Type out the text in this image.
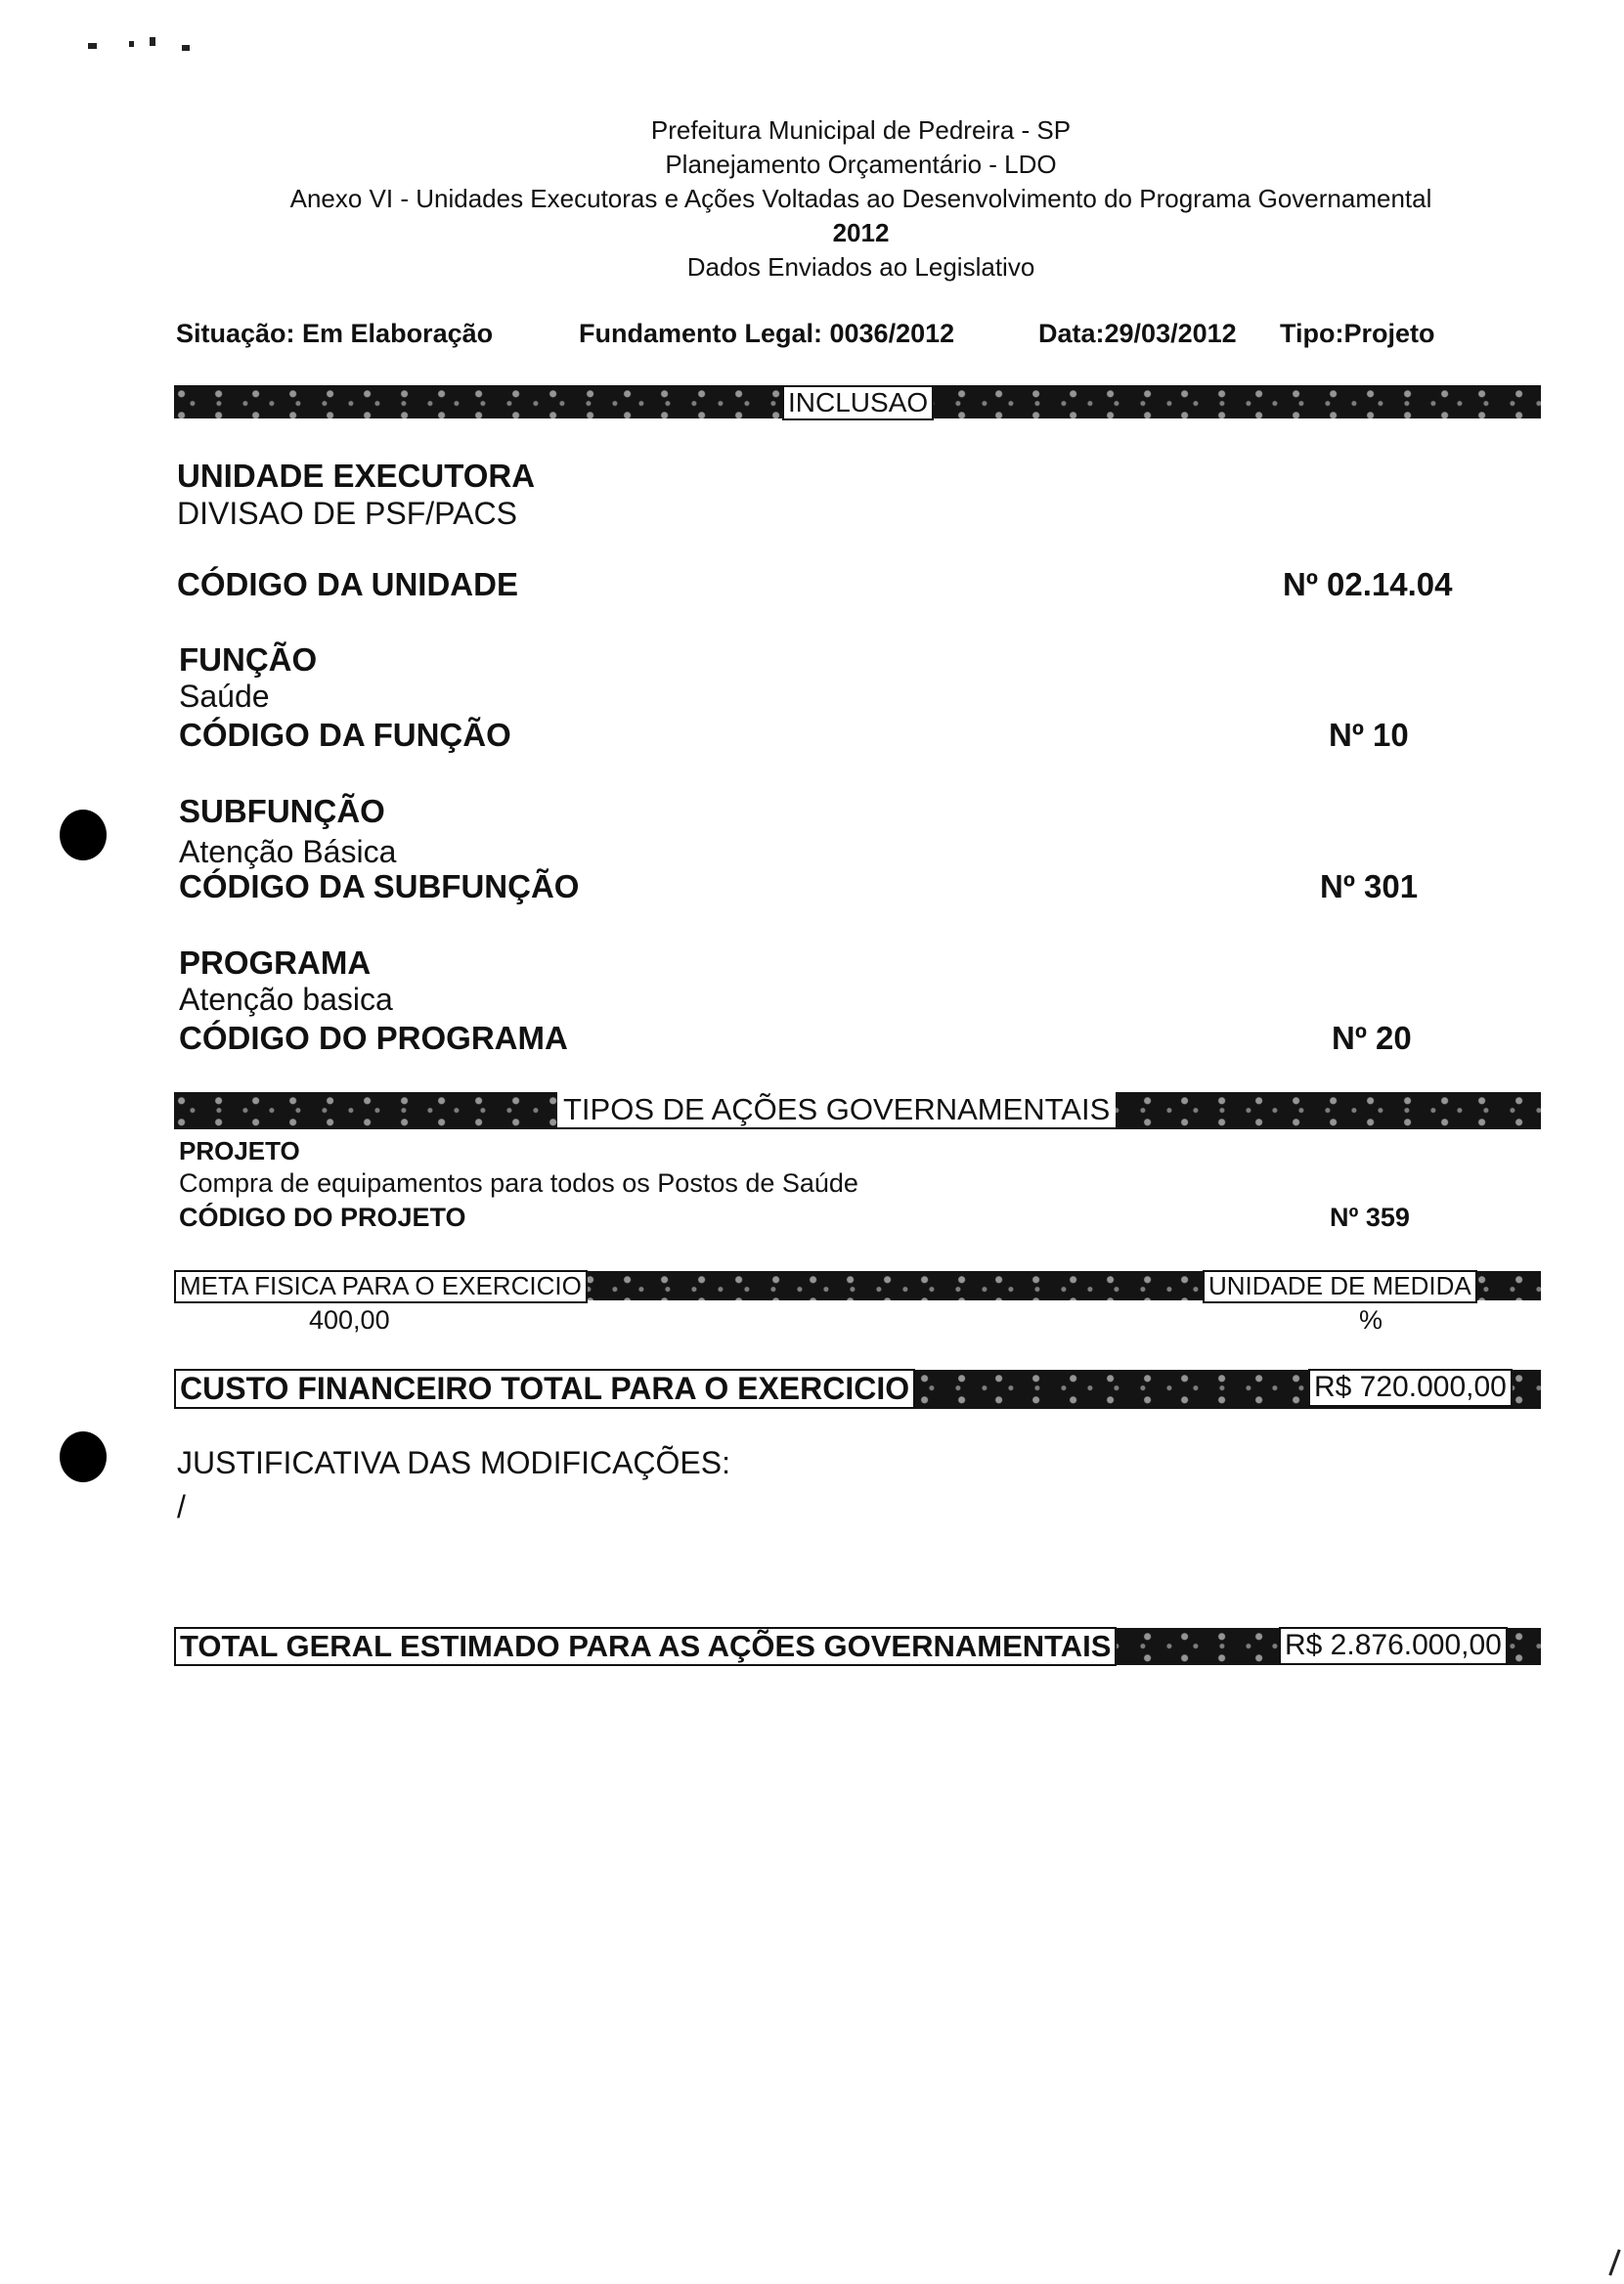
Prefeitura Municipal de Pedreira - SP
Planejamento Orçamentário - LDO
Anexo VI - Unidades Executoras e Ações Voltadas ao Desenvolvimento do Programa Governamental
2012
Dados Enviados ao Legislativo
Situação: Em Elaboração	Fundamento Legal: 0036/2012	Data:29/03/2012 Tipo:Projeto
INCLUSAO
UNIDADE EXECUTORA
DIVISAO DE PSF/PACS
CÓDIGO DA UNIDADE	Nº 02.14.04
FUNÇÃO
Saúde
CÓDIGO DA FUNÇÃO	Nº 10
SUBFUNÇÃO
Atenção Básica
CÓDIGO DA SUBFUNÇÃO	Nº 301
PROGRAMA
Atenção basica
CÓDIGO DO PROGRAMA	Nº 20
TIPOS DE AÇÕES GOVERNAMENTAIS
PROJETO
Compra de equipamentos para todos os Postos de Saúde
CÓDIGO DO PROJETO	Nº 359
META FISICA PARA O EXERCICIO	UNIDADE DE MEDIDA
400,00	%
CUSTO FINANCEIRO TOTAL PARA O EXERCICIO	R$ 720.000,00
JUSTIFICATIVA DAS MODIFICAÇÕES:
/
TOTAL GERAL ESTIMADO PARA AS AÇÕES GOVERNAMENTAIS	R$ 2.876.000,00
